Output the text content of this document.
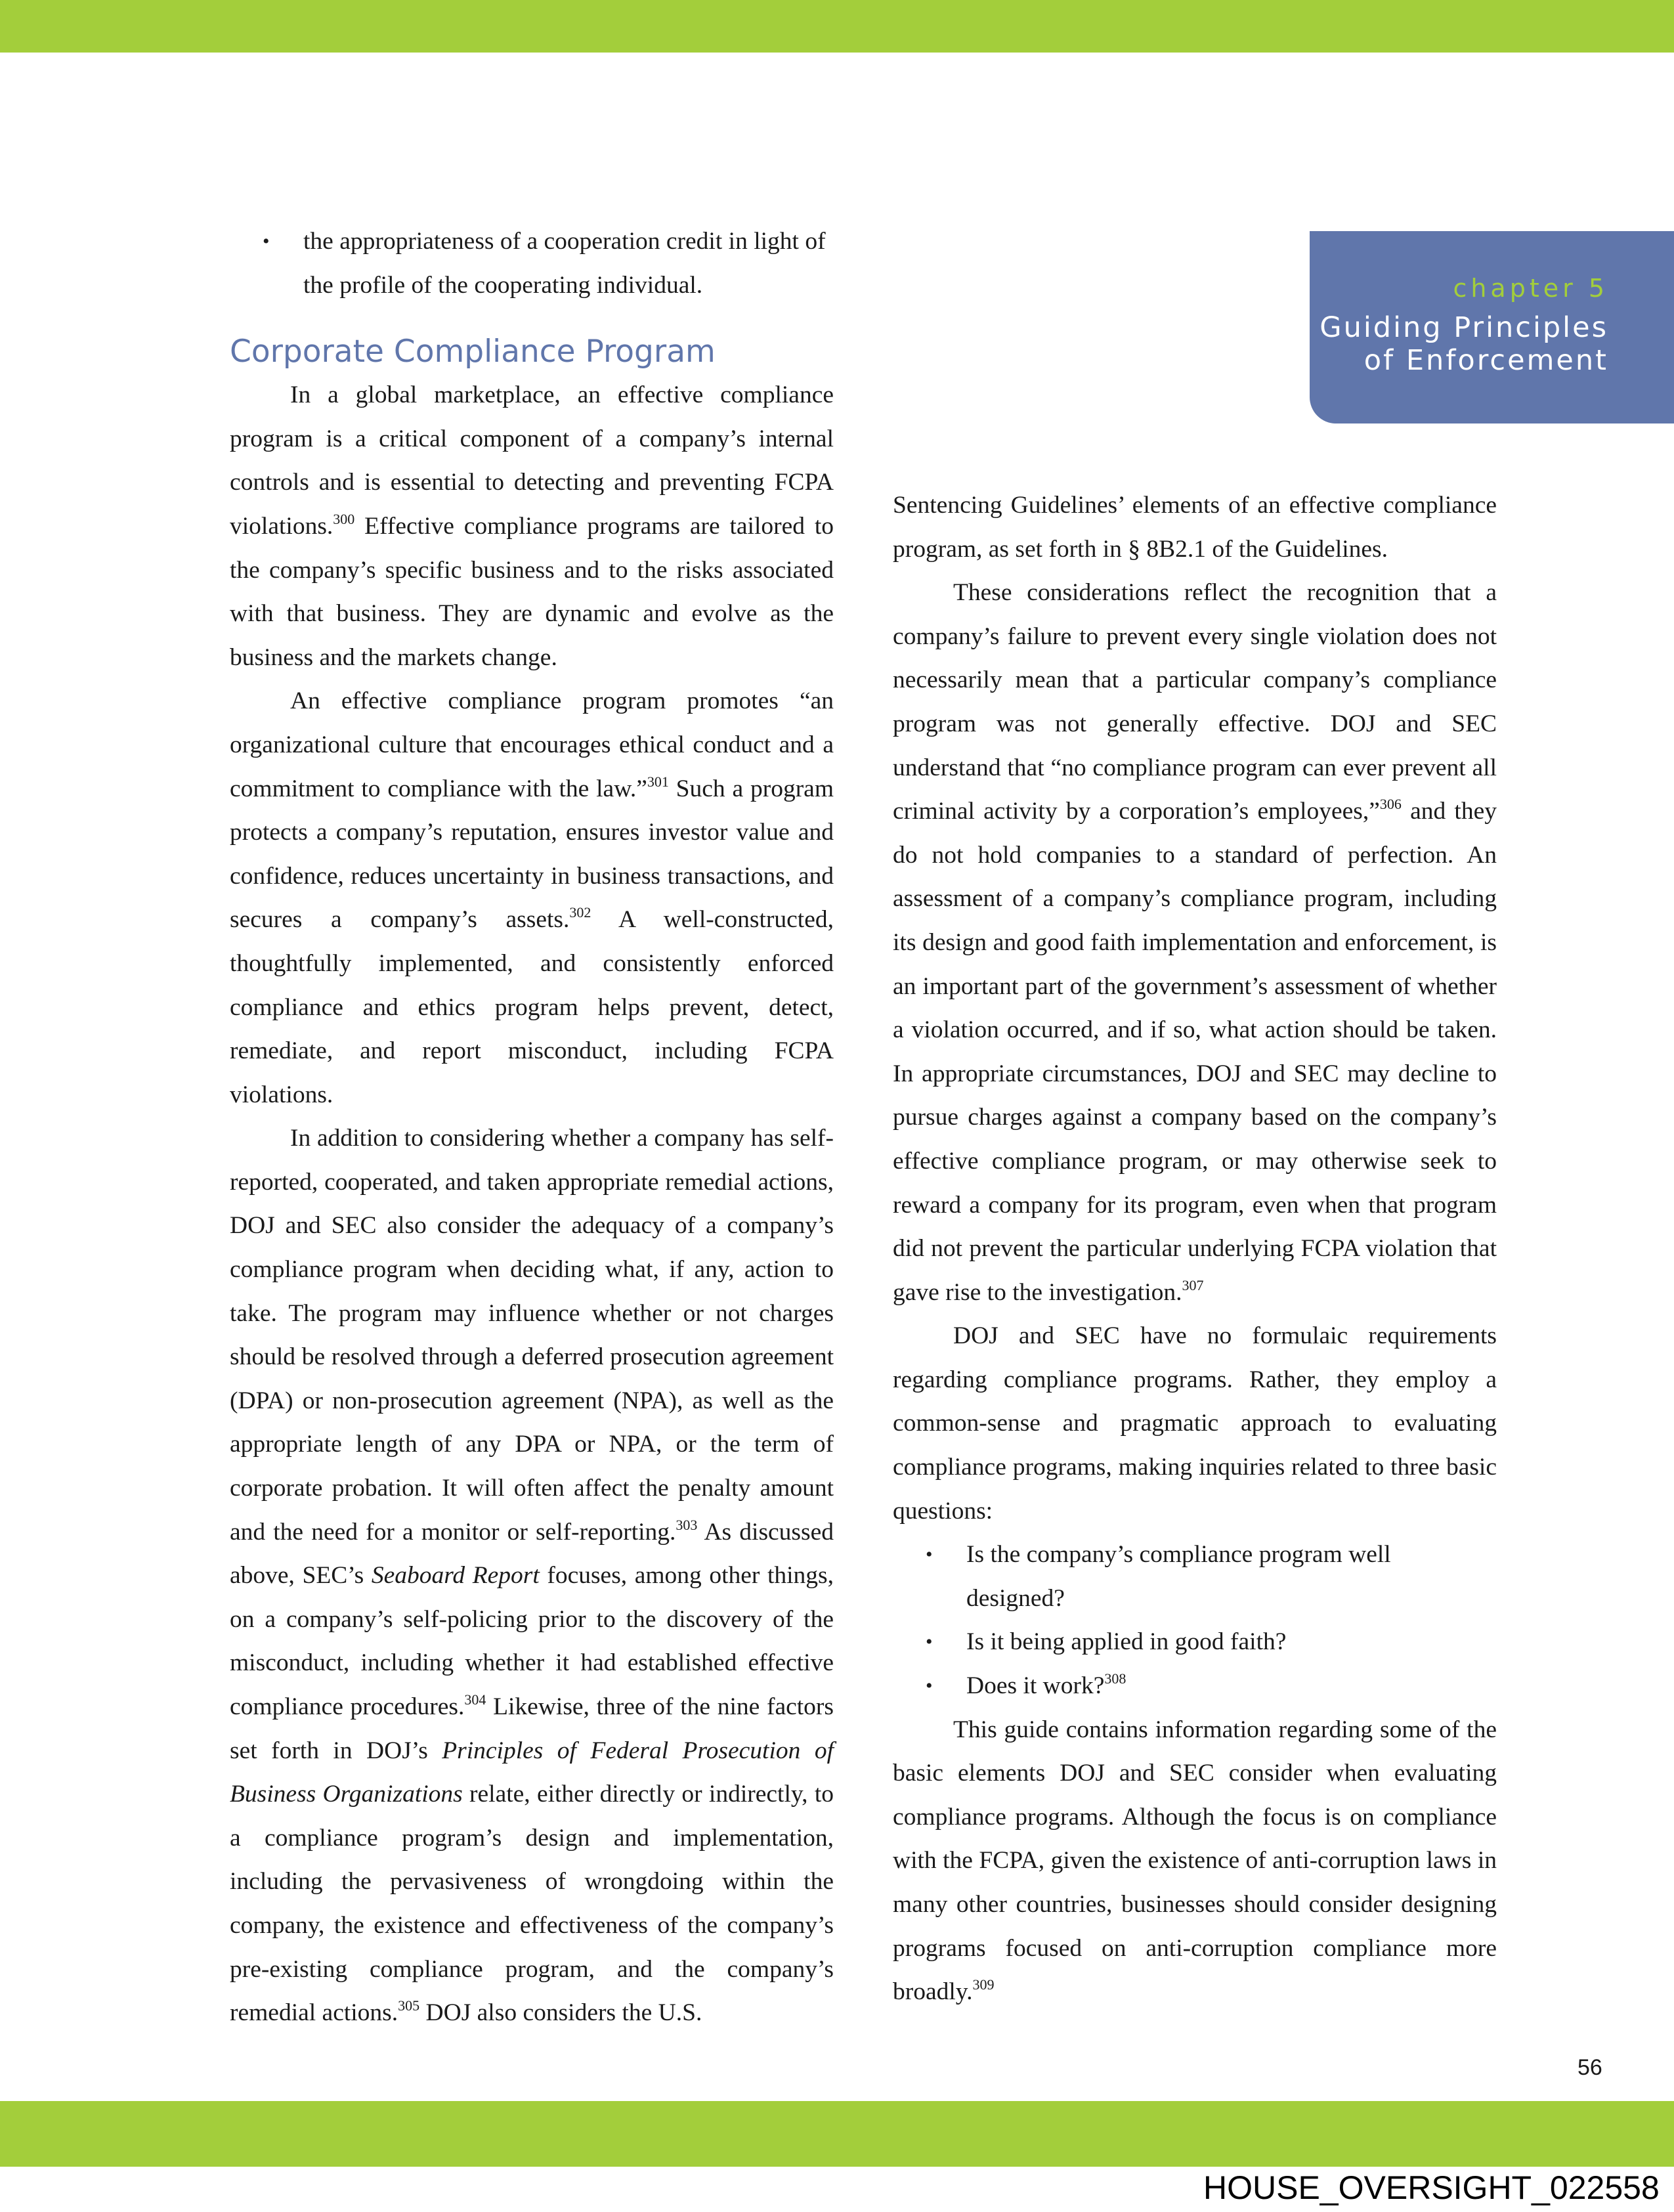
chapter 5
Guiding Principles
of Enforcement
• the appropriateness of a cooperation credit in light of the profile of the cooperating individual.
Corporate Compliance Program

In a global marketplace, an effective compliance program is a critical component of a company’s internal controls and is essential to detecting and preventing FCPA violations.$^{300}$ Effective compliance programs are tailored to the company’s specific business and to the risks associated with that business. They are dynamic and evolve as the business and the markets change.

An effective compliance program promotes “an organizational culture that encourages ethical conduct and a commitment to compliance with the law.”$^{301}$ Such a program protects a company’s reputation, ensures investor value and confidence, reduces uncertainty in business transactions, and secures a company’s assets.$^{302}$ A well-constructed, thoughtfully implemented, and consistently enforced compliance and ethics program helps prevent, detect, remediate, and report misconduct, including FCPA violations.

In addition to considering whether a company has self-reported, cooperated, and taken appropriate remedial actions, DOJ and SEC also consider the adequacy of a company’s compliance program when deciding what, if any, action to take. The program may influence whether or not charges should be resolved through a deferred prosecution agreement (DPA) or non-prosecution agreement (NPA), as well as the appropriate length of any DPA or NPA, or the term of corporate probation. It will often affect the penalty amount and the need for a monitor or self-reporting.$^{303}$ As discussed above, SEC’s Seaboard Report focuses, among other things, on a company’s self-policing prior to the discovery of the misconduct, including whether it had established effective compliance procedures.$^{304}$ Likewise, three of the nine factors set forth in DOJ’s Principles of Federal Prosecution of Business Organizations relate, either directly or indirectly, to a compliance program’s design and implementation, including the pervasiveness of wrongdoing within the company, the existence and effectiveness of the company’s pre-existing compliance program, and the company’s remedial actions.$^{305}$ DOJ also considers the U.S.

Sentencing Guidelines’ elements of an effective compliance program, as set forth in § 8B2.1 of the Guidelines.

These considerations reflect the recognition that a company’s failure to prevent every single violation does not necessarily mean that a particular company’s compliance program was not generally effective. DOJ and SEC understand that “no compliance program can ever prevent all criminal activity by a corporation’s employees,”$^{306}$ and they do not hold companies to a standard of perfection. An assessment of a company’s compliance program, including its design and good faith implementation and enforcement, is an important part of the government’s assessment of whether a violation occurred, and if so, what action should be taken. In appropriate circumstances, DOJ and SEC may decline to pursue charges against a company based on the company’s effective compliance program, or may otherwise seek to reward a company for its program, even when that program did not prevent the particular underlying FCPA violation that gave rise to the investigation.$^{307}$

DOJ and SEC have no formulaic requirements regarding compliance programs. Rather, they employ a common-sense and pragmatic approach to evaluating compliance programs, making inquiries related to three basic questions:

• Is the company’s compliance program well designed?
• Is it being applied in good faith?
• Does it work?$^{308}$

This guide contains information regarding some of the basic elements DOJ and SEC consider when evaluating compliance programs. Although the focus is on compliance with the FCPA, given the existence of anti-corruption laws in many other countries, businesses should consider designing programs focused on anti-corruption compliance more broadly.$^{309}$

56
HOUSE_OVERSIGHT_022558
